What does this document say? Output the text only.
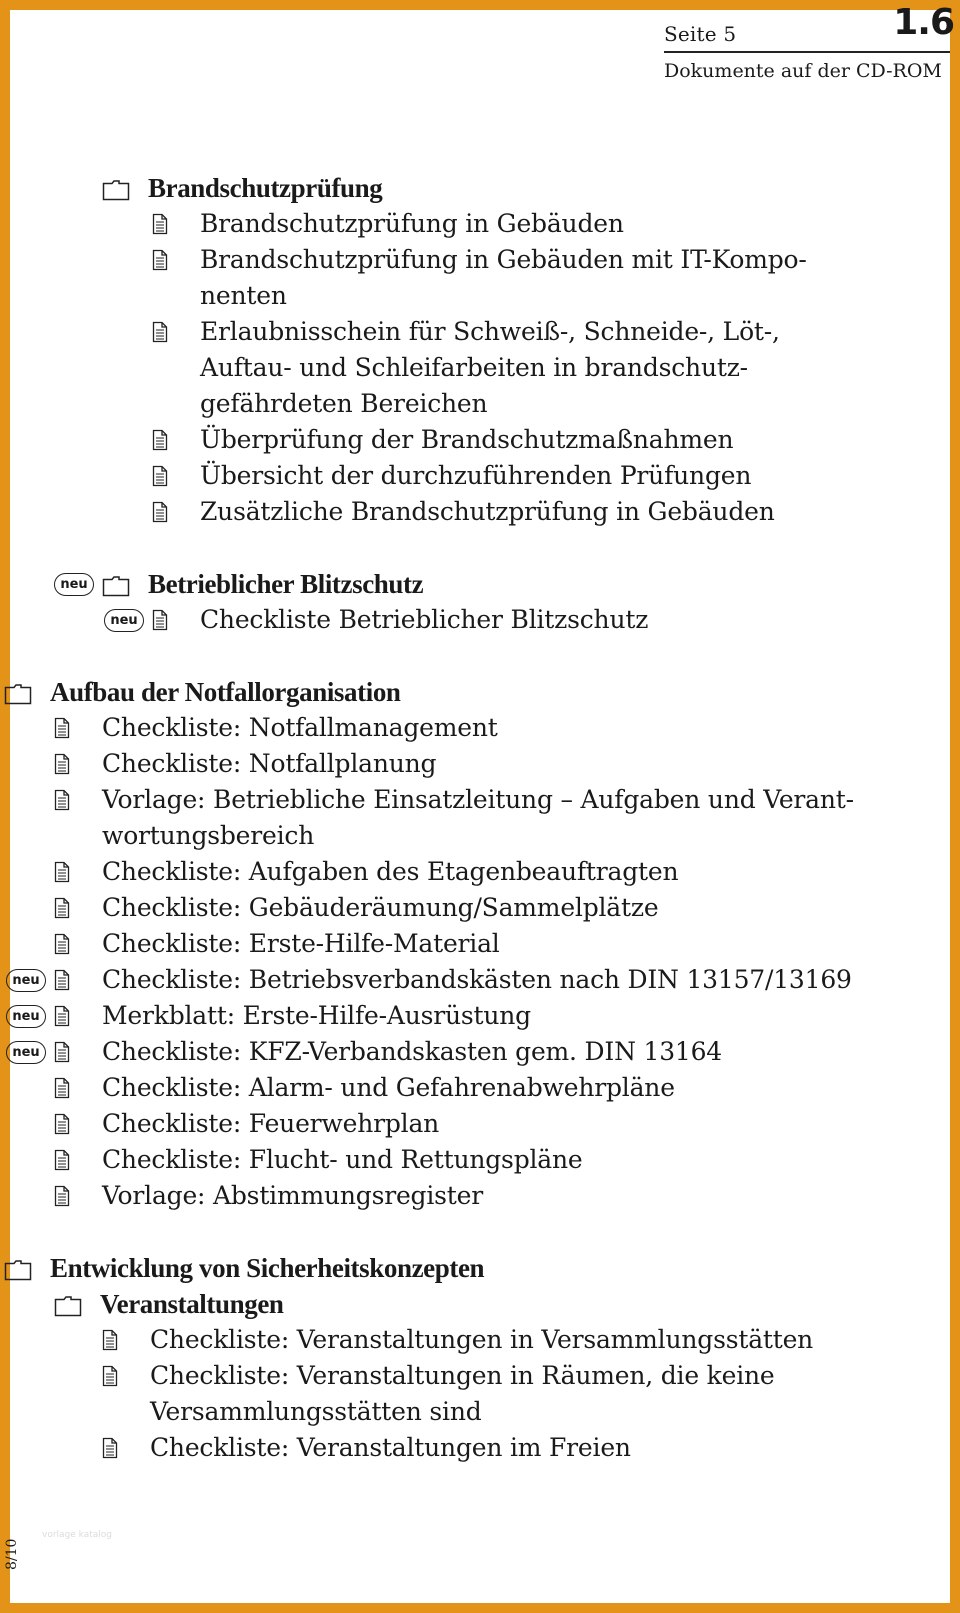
Seite 5	1.6
Dokumente auf der CD-ROM
Brandschutzprüfung
Brandschutzprüfung in Gebäuden
Brandschutzprüfung in Gebäuden mit IT-Kompo-
nenten
Erlaubnisschein für Schweiß-, Schneide-, Löt-,
Auftau- und Schleifarbeiten in brandschutz-
gefährdeten Bereichen
Überprüfung der Brandschutzmaßnahmen
Übersicht der durchzuführenden Prüfungen
Zusätzliche Brandschutzprüfung in Gebäuden
neu Betrieblicher Blitzschutz
neu Checkliste Betrieblicher Blitzschutz
Aufbau der Notfallorganisation
Checkliste: Notfallmanagement
Checkliste: Notfallplanung
Vorlage: Betriebliche Einsatzleitung – Aufgaben und Verant-
wortungsbereich
Checkliste: Aufgaben des Etagenbeauftragten
Checkliste: Gebäuderäumung/Sammelplätze
Checkliste: Erste-Hilfe-Material
neu Checkliste: Betriebsverbandskästen nach DIN 13157/13169
neu Merkblatt: Erste-Hilfe-Ausrüstung
neu Checkliste: KFZ-Verbandskasten gem. DIN 13164
Checkliste: Alarm- und Gefahrenabwehrpläne
Checkliste: Feuerwehrplan
Checkliste: Flucht- und Rettungspläne
Vorlage: Abstimmungsregister
Entwicklung von Sicherheitskonzepten
Veranstaltungen
Checkliste: Veranstaltungen in Versammlungsstätten
Checkliste: Veranstaltungen in Räumen, die keine
Versammlungsstätten sind
Checkliste: Veranstaltungen im Freien
8/10
vorlage katalog
